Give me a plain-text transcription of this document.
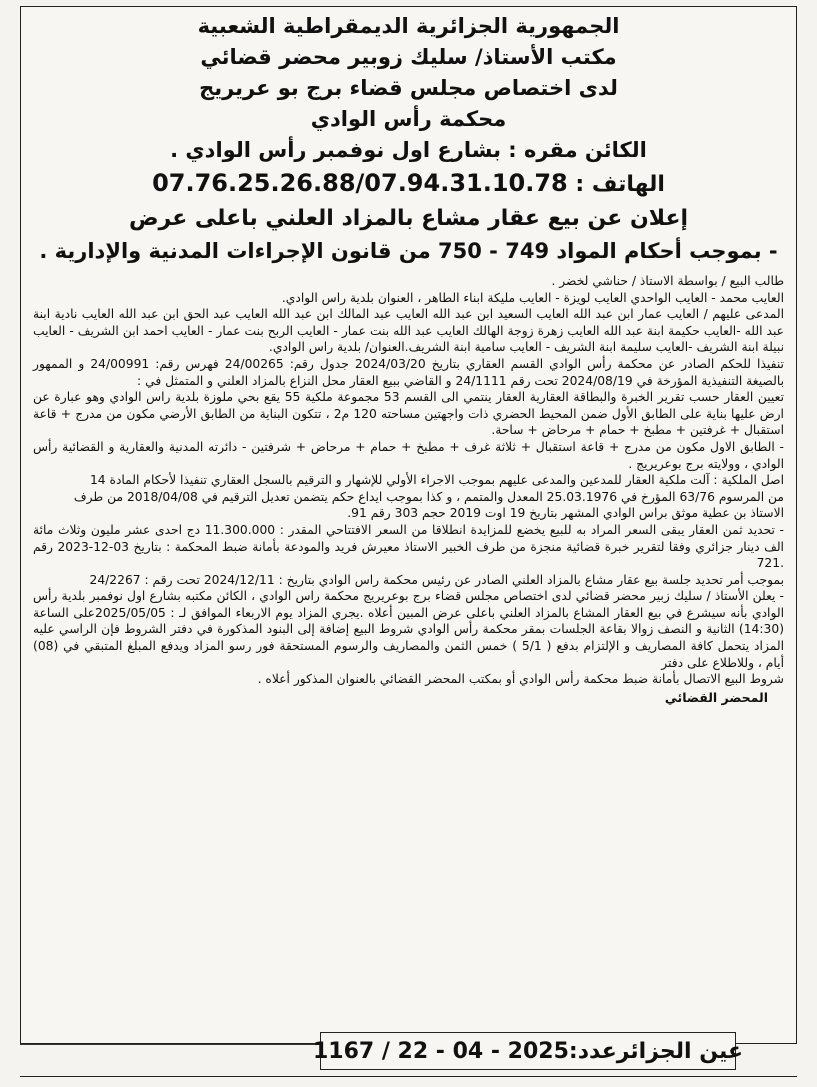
الجمهورية الجزائرية الديمقراطية الشعبية

مكتب الأستاذ/ سليك زوبير محضر قضائي

لدى اختصاص مجلس قضاء برج بو عريريج

محكمة رأس الوادي

الكائن مقره : بشارع اول نوفمبر رأس الوادي .

الهاتف : 07.76.25.26.88/07.94.31.10.78

إعلان عن بيع عقار مشاع بالمزاد العلني باعلى عرض

- بموجب أحكام المواد 749 - 750 من قانون الإجراءات المدنية والإدارية .

طالب البيع / بواسطة الاستاذ / حناشي لخضر .

العايب محمد - العايب الواحدي العايب لويزة - العايب مليكة ابناء الطاهر ، العنوان بلدية راس الوادي.

المدعى عليهم / العايب عمار ابن عبد الله العايب السعيد ابن عبد الله العايب عبد المالك ابن عبد الله العايب عبد الحق ابن عبد الله العايب نادية ابنة عبد الله -العايب حكيمة ابنة عبد الله العايب زهرة زوجة الهالك العايب عبد الله بنت عمار - العايب الربح بنت عمار - العايب احمد ابن الشريف - العايب نبيلة ابنة الشريف -العايب سليمة ابنة الشريف - العايب سامية ابنة الشريف.العنوان/ بلدية راس الوادي.

تنفيذا للحكم الصادر عن محكمة رأس الوادي القسم العقاري بتاريخ 2024/03/20 جدول رقم: 24/00265 فهرس رقم: 24/00991 و الممهور بالصيغة التنفيذية المؤرخة في 2024/08/19 تحت رقم 24/1111 و القاضي ببيع العقار محل النزاع بالمزاد العلني و المتمثل في :

تعيين العقار حسب تقرير الخبرة والبطاقة العقارية العقار ينتمي الى القسم 53 مجموعة ملكية 55 يقع بحي ملوزة بلدية راس الوادي وهو عبارة عن ارض عليها بناية على الطابق الأول ضمن المحيط الحضري ذات واجهتين مساحته 120 م2 ، تتكون البناية من الطابق الأرضي مكون من مدرج + قاعة استقبال + غرفتين + مطبخ + حمام + مرحاض + ساحة.

- الطابق الاول مكون من مدرج + قاعة استقبال + ثلاثة غرف + مطبخ + حمام + مرحاض + شرفتين - دائرته المدنية والعقارية و القضائية رأس الوادي ، وولايته برج بوعريريج .

اصل الملكية : آلت ملكية العقار للمدعين والمدعى عليهم بموجب الاجراء الأولي للإشهار و الترقيم بالسجل العقاري تنفيذا لأحكام المادة 14

من المرسوم 63/76 المؤرخ في 25.03.1976 المعدل والمتمم ، و كذا بموجب ايداع حكم يتضمن تعديل الترقيم في 2018/04/08 من طرف

الاستاذ بن عطية موثق براس الوادي المشهر بتاريخ 19 اوت 2019 حجم 303 رقم 91.

- تحديد ثمن العقار يبقى السعر المراد به للبيع يخضع للمزايدة انطلاقا من السعر الافتتاحي المقدر : 11.300.000 دج احدى عشر مليون وثلاث مائة الف دينار جزائري وفقا لتقرير خبرة قضائية منجزة من طرف الخبير الاستاذ معيرش فريد والمودعة بأمانة ضبط المحكمة : بتاريخ 03-12-2023 رقم .721

بموجب أمر تحديد جلسة بيع عقار مشاع بالمزاد العلني الصادر عن رئيس محكمة راس الوادي بتاريخ : 2024/12/11 تحت رقم : 24/2267

- يعلن الأستاذ / سليك زبير محضر قضائي لدى اختصاص مجلس قضاء برج بوعريريج محكمة راس الوادي ، الكائن مكتبه بشارع اول نوفمبر بلدية رأس الوادي بأنه سيشرع في بيع العقار المشاع بالمزاد العلني باعلى عرض المبين أعلاه .يجري المزاد يوم الاربعاء الموافق لـ : 2025/05/05على الساعة (14:30) الثانية و النصف زوالا بقاعة الجلسات بمقر محكمة رأس الوادي شروط البيع إضافة إلى البنود المذكورة في دفتر الشروط فإن الراسي عليه المزاد يتحمل كافة المصاريف و الإلتزام بدفع ( 5/1 ) خمس الثمن والمصاريف والرسوم المستحقة فور رسو المزاد ويدفع المبلغ المتبقي في (08) أيام ، وللاطلاع على دفتر

شروط البيع الاتصال بأمانة ضبط محكمة رأس الوادي أو بمكتب المحضر القضائي بالعنوان المذكور أعلاه .

المحضر القضائي
عين الجزائرعدد:
1167 / 22 - 04 - 2025
